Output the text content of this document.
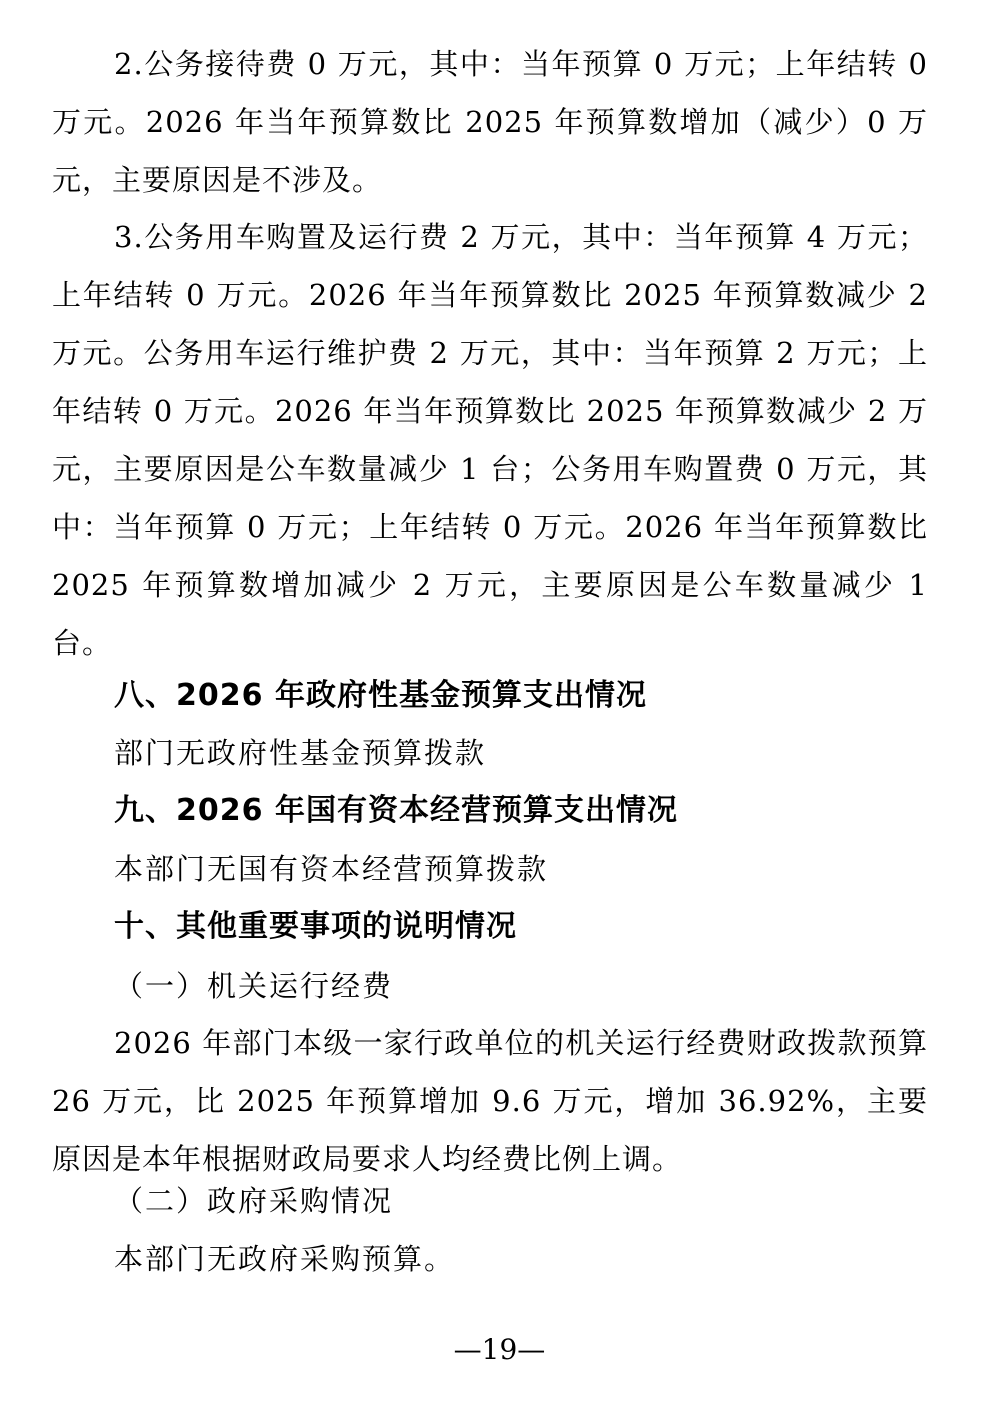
2.公务接待费 0 万元，其中：当年预算 0 万元；上年结转 0 万元。2026 年当年预算数比 2025 年预算数增加（减少）0 万元，主要原因是不涉及。

3.公务用车购置及运行费 2 万元，其中：当年预算 4 万元；上年结转 0 万元。2026 年当年预算数比 2025 年预算数减少 2 万元。公务用车运行维护费 2 万元，其中：当年预算 2 万元；上年结转 0 万元。2026 年当年预算数比 2025 年预算数减少 2 万元，主要原因是公车数量减少 1 台；公务用车购置费 0 万元，其中：当年预算 0 万元；上年结转 0 万元。2026 年当年预算数比 2025 年预算数增加减少 2 万元，主要原因是公车数量减少 1 台。

八、2026 年政府性基金预算支出情况

部门无政府性基金预算拨款

九、2026 年国有资本经营预算支出情况

本部门无国有资本经营预算拨款

十、其他重要事项的说明情况

（一）机关运行经费

2026 年部门本级一家行政单位的机关运行经费财政拨款预算 26 万元，比 2025 年预算增加 9.6 万元，增加 36.92%，主要原因是本年根据财政局要求人均经费比例上调。

（二）政府采购情况

本部门无政府采购预算。

—19—
